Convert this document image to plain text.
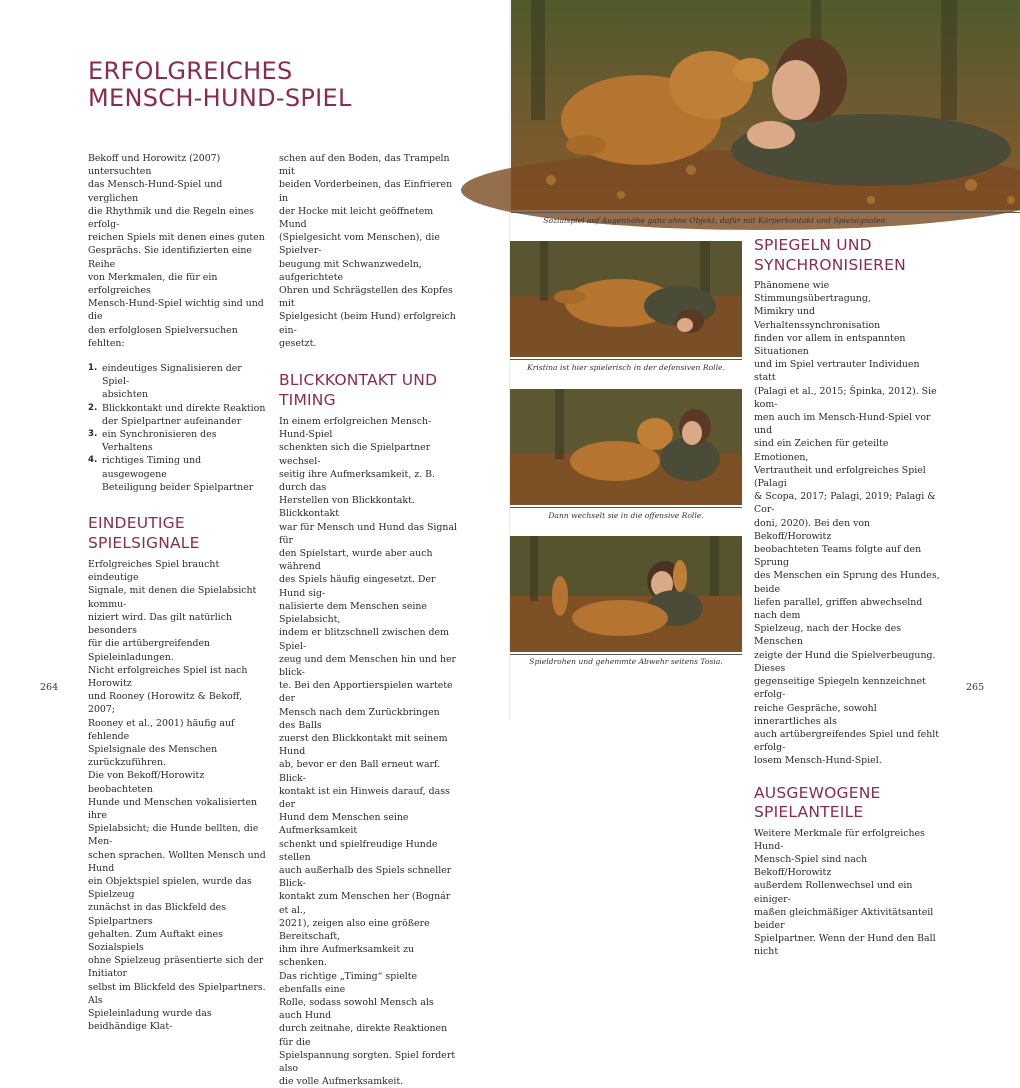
ERFOLGREICHES
MENSCH-HUND-SPIEL
Bekoff und Horowitz (2007) untersuchten
das Mensch-Hund-Spiel und verglichen
die Rhythmik und die Regeln eines erfolg-
reichen Spiels mit denen eines guten
Gesprächs. Sie identifizierten eine Reihe
von Merkmalen, die für ein erfolgreiches
Mensch-Hund-Spiel wichtig sind und die
den erfolglosen Spielversuchen fehlten:
1. eindeutiges Signalisieren der Spiel-
absichten
2. Blickkontakt und direkte Reaktion
der Spielpartner aufeinander
3. ein Synchronisieren des Verhaltens
4. richtiges Timing und ausgewogene
Beteiligung beider Spielpartner
EINDEUTIGE
SPIELSIGNALE
Erfolgreiches Spiel braucht eindeutige
Signale, mit denen die Spielabsicht kommu-
niziert wird. Das gilt natürlich besonders
für die artübergreifenden Spieleinladungen.
Nicht erfolgreiches Spiel ist nach Horowitz
und Rooney (Horowitz & Bekoff, 2007;
Rooney et al., 2001) häufig auf fehlende
Spielsignale des Menschen zurückzuführen.
Die von Bekoff/Horowitz beobachteten
Hunde und Menschen vokalisierten ihre
Spielabsicht; die Hunde bellten, die Men-
schen sprachen. Wollten Mensch und Hund
ein Objektspiel spielen, wurde das Spielzeug
zunächst in das Blickfeld des Spielpartners
gehalten. Zum Auftakt eines Sozialspiels
ohne Spielzeug präsentierte sich der Initiator
selbst im Blickfeld des Spielpartners. Als
Spieleinladung wurde das beidhändige Klat-
schen auf den Boden, das Trampeln mit
beiden Vorderbeinen, das Einfrieren in
der Hocke mit leicht geöffnetem Mund
(Spielgesicht vom Menschen), die Spielver-
beugung mit Schwanzwedeln, aufgerichtete
Ohren und Schrägstellen des Kopfes mit
Spielgesicht (beim Hund) erfolgreich ein-
gesetzt.
BLICKKONTAKT UND
TIMING
In einem erfolgreichen Mensch-Hund-Spiel
schenkten sich die Spielpartner wechsel-
seitig ihre Aufmerksamkeit, z. B. durch das
Herstellen von Blickkontakt. Blickkontakt
war für Mensch und Hund das Signal für
den Spielstart, wurde aber auch während
des Spiels häufig eingesetzt. Der Hund sig-
nalisierte dem Menschen seine Spielabsicht,
indem er blitzschnell zwischen dem Spiel-
zeug und dem Menschen hin und her blick-
te. Bei den Apportierspielen wartete der
Mensch nach dem Zurückbringen des Balls
zuerst den Blickkontakt mit seinem Hund
ab, bevor er den Ball erneut warf. Blick-
kontakt ist ein Hinweis darauf, dass der
Hund dem Menschen seine Aufmerksamkeit
schenkt und spielfreudige Hunde stellen
auch außerhalb des Spiels schneller Blick-
kontakt zum Menschen her (Bognár et al.,
2021), zeigen also eine größere Bereitschaft,
ihm ihre Aufmerksamkeit zu schenken.
Das richtige „Timing“ spielte ebenfalls eine
Rolle, sodass sowohl Mensch als auch Hund
durch zeitnahe, direkte Reaktionen für die
Spielspannung sorgten. Spiel fordert also
die volle Aufmerksamkeit.
264
Sozialspiel auf Augenhöhe ganz ohne Objekt, dafür mit Körperkontakt und Spielsignalen.
Kristina ist hier spielerisch in der defensiven Rolle.
Dann wechselt sie in die offensive Rolle.
Spieldrohen und gehemmte Abwehr seitens Tosia.
SPIEGELN UND
SYNCHRONISIEREN
Phänomene wie Stimmungsübertragung,
Mimikry und Verhaltenssynchronisation
finden vor allem in entspannten Situationen
und im Spiel vertrauter Individuen statt
(Palagi et al., 2015; Špinka, 2012). Sie kom-
men auch im Mensch-Hund-Spiel vor und
sind ein Zeichen für geteilte Emotionen,
Vertrautheit und erfolgreiches Spiel (Palagi
& Scopa, 2017; Palagi, 2019; Palagi & Cor-
doni, 2020). Bei den von Bekoff/Horowitz
beobachteten Teams folgte auf den Sprung
des Menschen ein Sprung des Hundes, beide
liefen parallel, griffen abwechselnd nach dem
Spielzeug, nach der Hocke des Menschen
zeigte der Hund die Spielverbeugung. Dieses
gegenseitige Spiegeln kennzeichnet erfolg-
reiche Gespräche, sowohl innerartliches als
auch artübergreifendes Spiel und fehlt erfolg-
losem Mensch-Hund-Spiel.
AUSGEWOGENE
SPIELANTEILE
Weitere Merkmale für erfolgreiches Hund-
Mensch-Spiel sind nach Bekoff/Horowitz
außerdem Rollenwechsel und ein einiger-
maßen gleichmäßiger Aktivitätsanteil beider
Spielpartner. Wenn der Hund den Ball nicht
265
